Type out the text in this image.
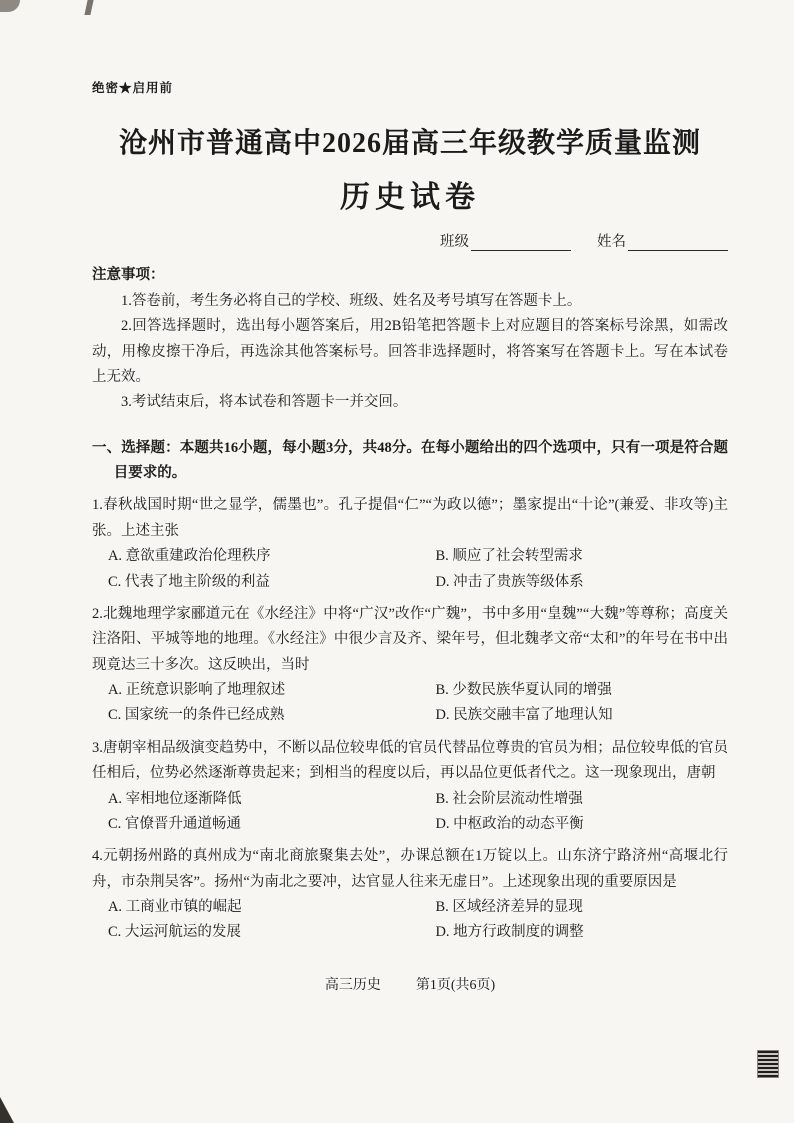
绝密★启用前
沧州市普通高中2026届高三年级教学质量监测
历史试卷
班级	姓名
注意事项：

1.答卷前，考生务必将自己的学校、班级、姓名及考号填写在答题卡上。

2.回答选择题时，选出每小题答案后，用2B铅笔把答题卡上对应题目的答案标号涂黑，如需改动，用橡皮擦干净后，再选涂其他答案标号。回答非选择题时，将答案写在答题卡上。写在本试卷上无效。

3.考试结束后，将本试卷和答题卡一并交回。

一、选择题：本题共16小题，每小题3分，共48分。在每小题给出的四个选项中，只有一项是符合题目要求的。

1.春秋战国时期“世之显学，儒墨也”。孔子提倡“仁”“为政以德”；墨家提出“十论”(兼爱、非攻等)主张。上述主张

A. 意欲重建政治伦理秩序	B. 顺应了社会转型需求
C. 代表了地主阶级的利益	D. 冲击了贵族等级体系

2.北魏地理学家郦道元在《水经注》中将“广汉”改作“广魏”，书中多用“皇魏”“大魏”等尊称；高度关注洛阳、平城等地的地理。《水经注》中很少言及齐、梁年号，但北魏孝文帝“太和”的年号在书中出现竟达三十多次。这反映出，当时

A. 正统意识影响了地理叙述	B. 少数民族华夏认同的增强
C. 国家统一的条件已经成熟	D. 民族交融丰富了地理认知

3.唐朝宰相品级演变趋势中，不断以品位较卑低的官员代替品位尊贵的官员为相；品位较卑低的官员任相后，位势必然逐渐尊贵起来；到相当的程度以后，再以品位更低者代之。这一现象现出，唐朝

A. 宰相地位逐渐降低	B. 社会阶层流动性增强
C. 官僚晋升通道畅通	D. 中枢政治的动态平衡

4.元朝扬州路的真州成为“南北商旅聚集去处”，办课总额在1万锭以上。山东济宁路济州“高堰北行舟，市杂荆吴客”。扬州“为南北之要冲，达官显人往来无虚日”。上述现象出现的重要原因是

A. 工商业市镇的崛起	B. 区域经济差异的显现
C. 大运河航运的发展	D. 地方行政制度的调整
高三历史	第1页(共6页)
